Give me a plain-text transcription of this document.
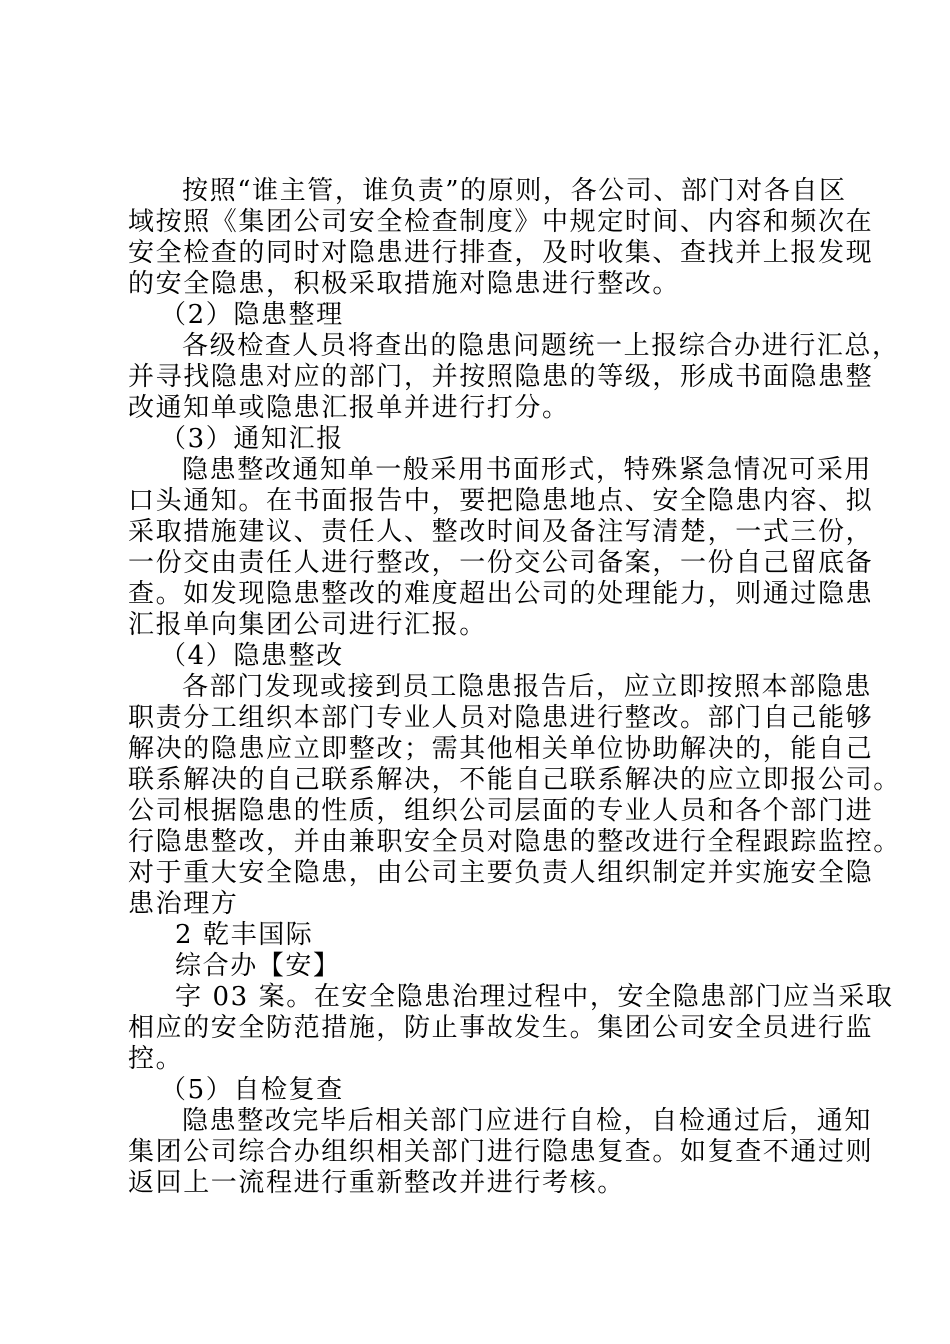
按照“谁主管，谁负责”的原则，各公司、部门对各自区
域按照《集团公司安全检查制度》中规定时间、内容和频次在
安全检查的同时对隐患进行排查，及时收集、查找并上报发现
的安全隐患，积极采取措施对隐患进行整改。
（2）隐患整理
各级检查人员将查出的隐患问题统一上报综合办进行汇总，
并寻找隐患对应的部门，并按照隐患的等级，形成书面隐患整
改通知单或隐患汇报单并进行打分。
（3）通知汇报
隐患整改通知单一般采用书面形式，特殊紧急情况可采用
口头通知。在书面报告中，要把隐患地点、安全隐患内容、拟
采取措施建议、责任人、整改时间及备注写清楚，一式三份，
一份交由责任人进行整改，一份交公司备案，一份自己留底备
查。如发现隐患整改的难度超出公司的处理能力，则通过隐患
汇报单向集团公司进行汇报。
（4）隐患整改
各部门发现或接到员工隐患报告后，应立即按照本部隐患
职责分工组织本部门专业人员对隐患进行整改。部门自己能够
解决的隐患应立即整改；需其他相关单位协助解决的，能自己
联系解决的自己联系解决，不能自己联系解决的应立即报公司。
公司根据隐患的性质，组织公司层面的专业人员和各个部门进
行隐患整改，并由兼职安全员对隐患的整改进行全程跟踪监控。
对于重大安全隐患，由公司主要负责人组织制定并实施安全隐
患治理方
2 乾丰国际
综合办【安】
字 03 案。在安全隐患治理过程中，安全隐患部门应当采取
相应的安全防范措施，防止事故发生。集团公司安全员进行监
控。
（5）自检复查
隐患整改完毕后相关部门应进行自检，自检通过后，通知
集团公司综合办组织相关部门进行隐患复查。如复查不通过则
返回上一流程进行重新整改并进行考核。
